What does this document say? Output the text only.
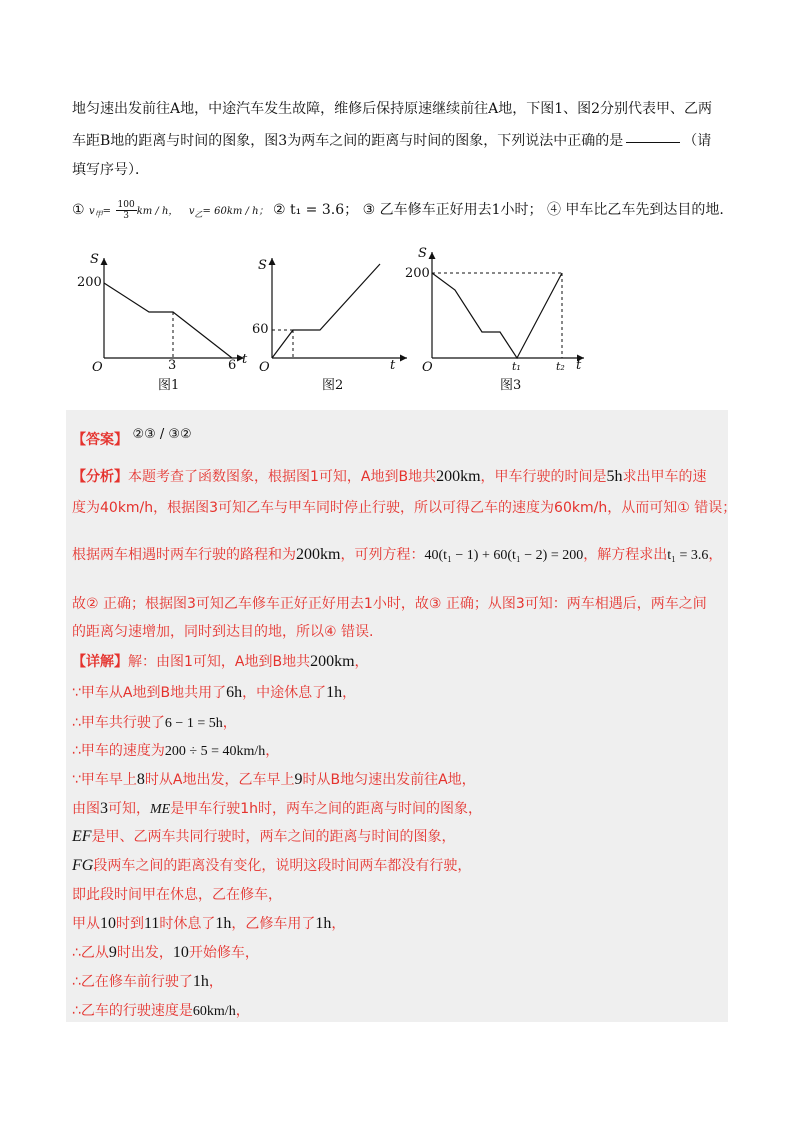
地匀速出发前往A地，中途汽车发生故障，维修后保持原速继续前往A地，下图1、图2分别代表甲、乙两
车距B地的距离与时间的图象，图3为两车之间的距离与时间的图象，下列说法中正确的是	（请
填写序号）．
① $v_甲= \frac{100}{3}$ km / h， $v_乙= 60km / h$； ② t₁ = 3.6； ③ 乙车修车正好用去1小时； ④ 甲车比乙车先到达目的地.
S
200
O	3	6 t
图1
S
60
O	t
图2
S
200
O	t₁	t₂ t
图3
【答案】 ②③ / ③②
【分析】本题考查了函数图象，根据图1可知，A地到B地共200km，甲车行驶的时间是5h求出甲车的速
度为40km/h，根据图3可知乙车与甲车同时停止行驶，所以可得乙车的速度为60km/h，从而可知① 错误；
根据两车相遇时两车行驶的路程和为200km，可列方程：40(t₁ − 1) + 60(t₁ − 2) = 200，解方程求出t₁ = 3.6，
故② 正确；根据图3可知乙车修车正好正好用去1小时，故③ 正确；从图3可知：两车相遇后，两车之间
的距离匀速增加，同时到达目的地，所以④ 错误.
【详解】解：由图1可知，A地到B地共200km，
∵甲车从A地到B地共用了6h，中途休息了1h，
∴甲车共行驶了6 − 1 = 5h，
∴甲车的速度为200 ÷ 5 = 40km/h，
∵甲车早上8时从A地出发，乙车早上9时从B地匀速出发前往A地，
由图3可知，ME是甲车行驶1h时，两车之间的距离与时间的图象，
EF是甲、乙两车共同行驶时，两车之间的距离与时间的图象，
FG段两车之间的距离没有变化，说明这段时间两车都没有行驶，
即此段时间甲在休息，乙在修车，
甲从10时到11时休息了1h，乙修车用了1h，
∴乙从9时出发，10开始修车，
∴乙在修车前行驶了1h，
∴乙车的行驶速度是60km/h，
